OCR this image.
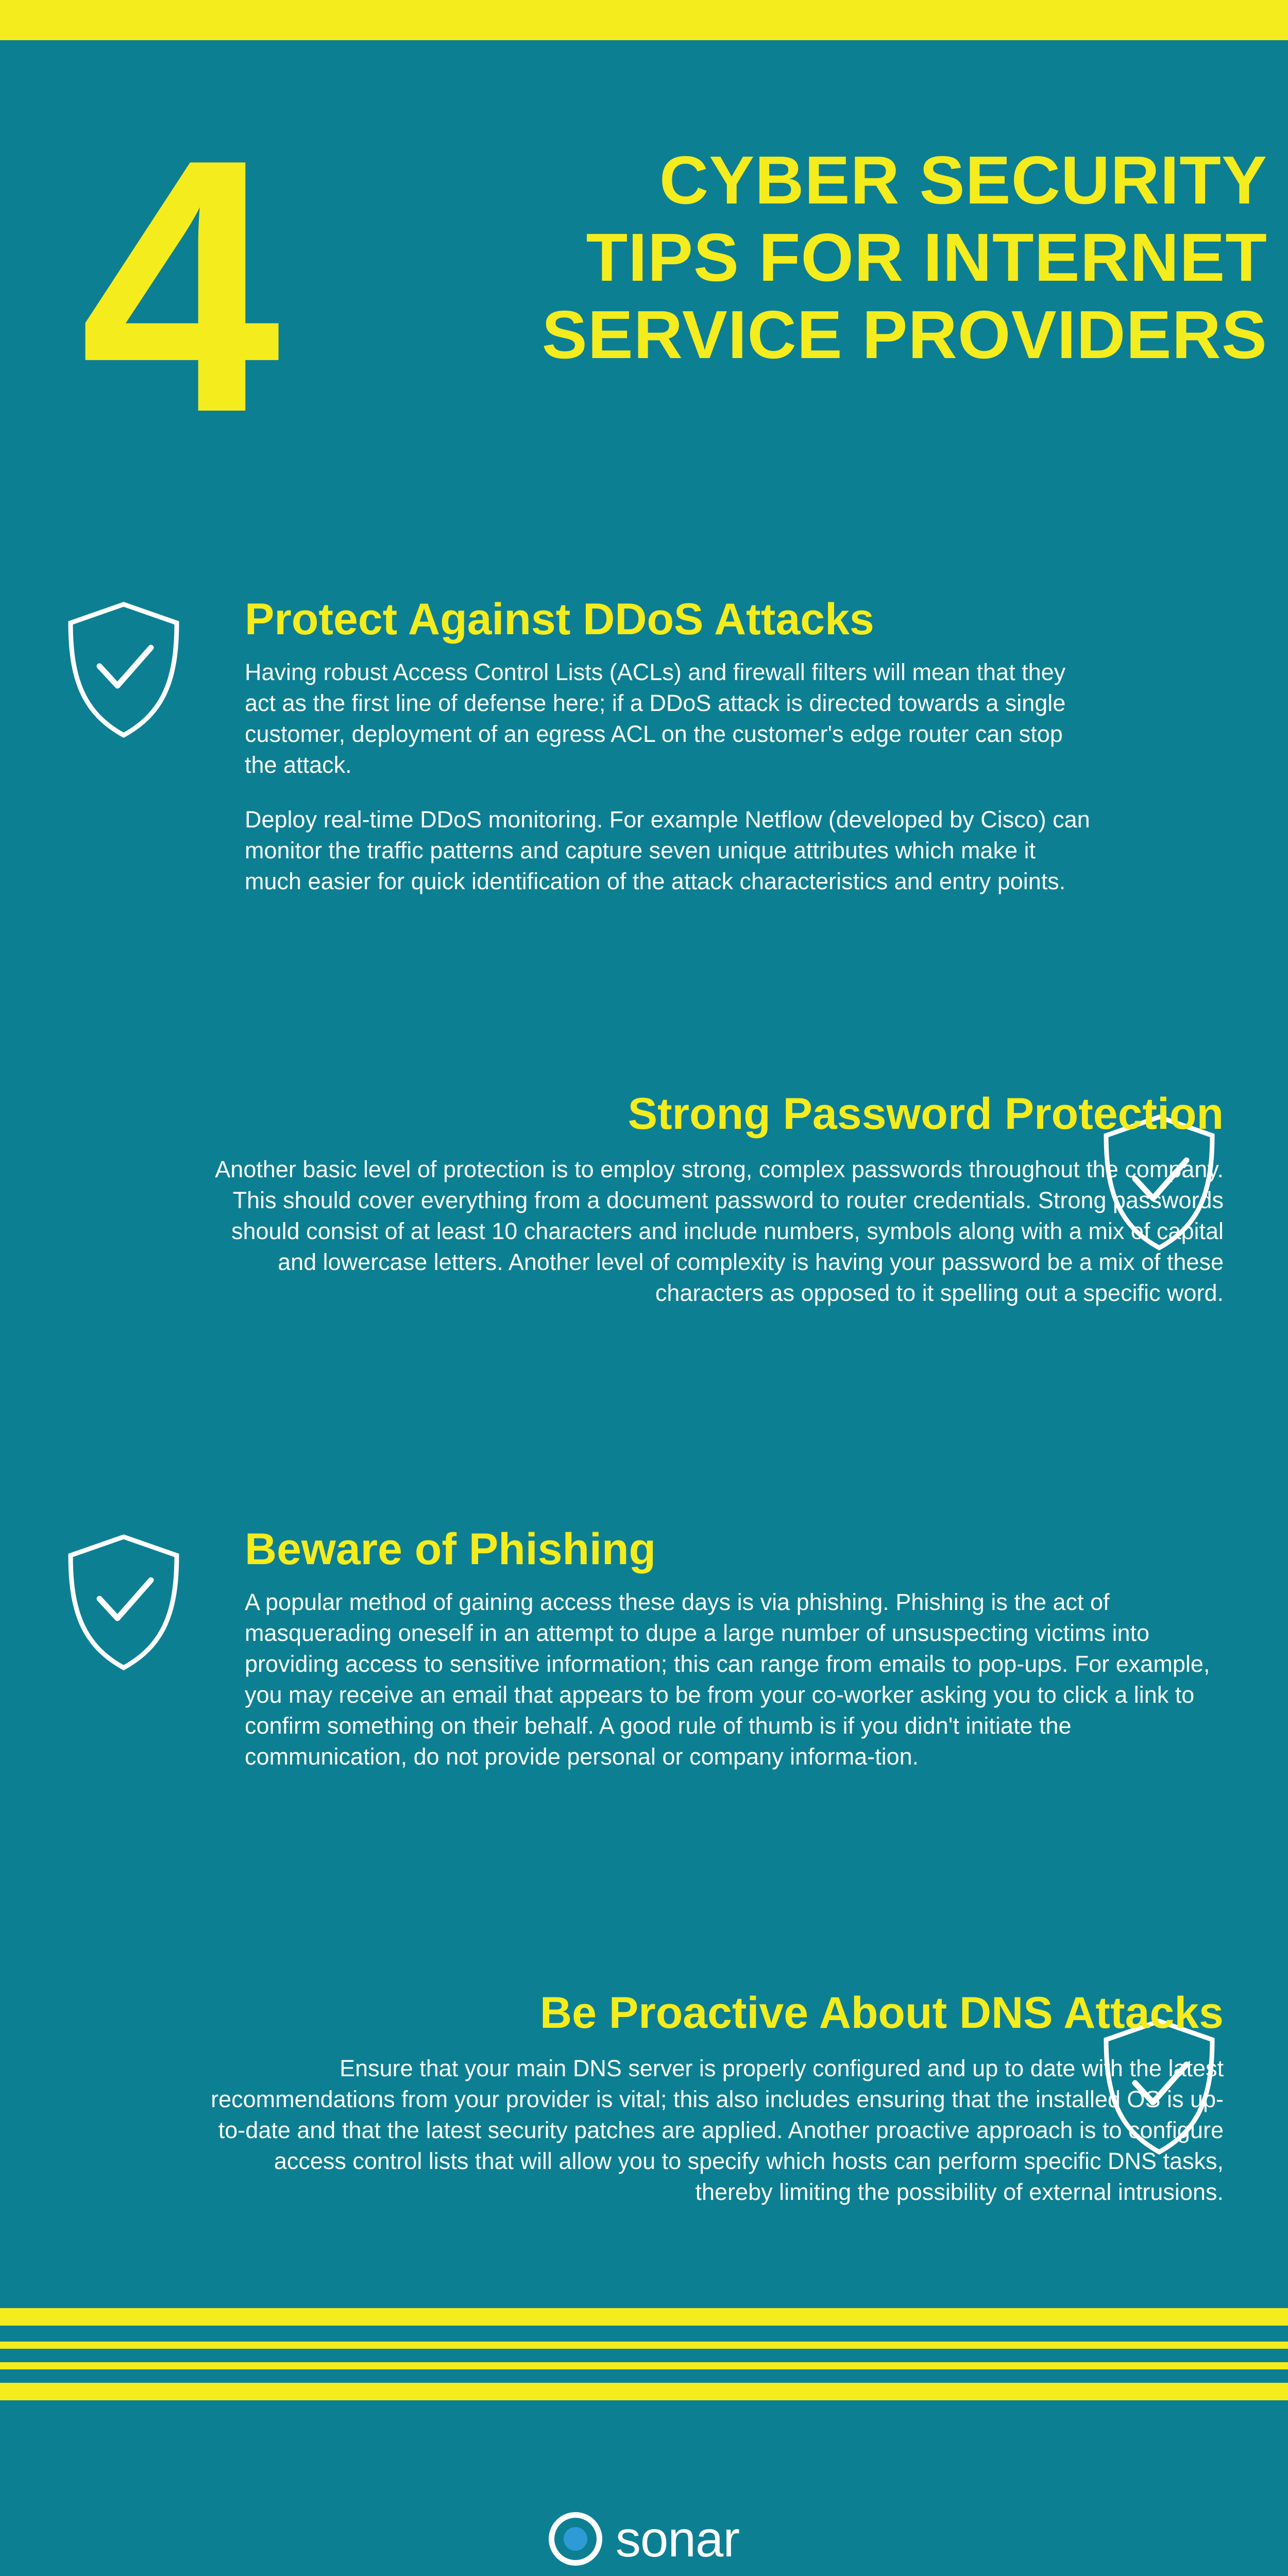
4	CYBER SECURITY
TIPS FOR INTERNET
SERVICE PROVIDERS
Protect Against DDoS Attacks

Having robust Access Control Lists (ACLs) and firewall filters will mean that they act as the first line of defense here; if a DDoS attack is directed towards a single customer, deployment of an egress ACL on the customer's edge router can stop the attack.

Deploy real-time DDoS monitoring. For example Netflow (developed by Cisco) can monitor the traffic patterns and capture seven unique attributes which make it much easier for quick identification of the attack characteristics and entry points.

Strong Password Protection

Another basic level of protection is to employ strong, complex passwords throughout the company. This should cover everything from a document password to router credentials. Strong passwords should consist of at least 10 characters and include numbers, symbols along with a mix of capital and lowercase letters. Another level of complexity is having your password be a mix of these characters as opposed to it spelling out a specific word.

Beware of Phishing

A popular method of gaining access these days is via phishing. Phishing is the act of masquerading oneself in an attempt to dupe a large number of unsuspecting victims into providing access to sensitive information; this can range from emails to pop-ups. For example, you may receive an email that appears to be from your co-worker asking you to click a link to confirm something on their behalf. A good rule of thumb is if you didn't initiate the communication, do not provide personal or company informa-tion.

Be Proactive About DNS Attacks

Ensure that your main DNS server is properly configured and up to date with the latest recommendations from your provider is vital; this also includes ensuring that the installed OS is up-to-date and that the latest security patches are applied. Another proactive approach is to configure access control lists that will allow you to specify which hosts can perform specific DNS tasks, thereby limiting the possibility of external intrusions.

sonar
